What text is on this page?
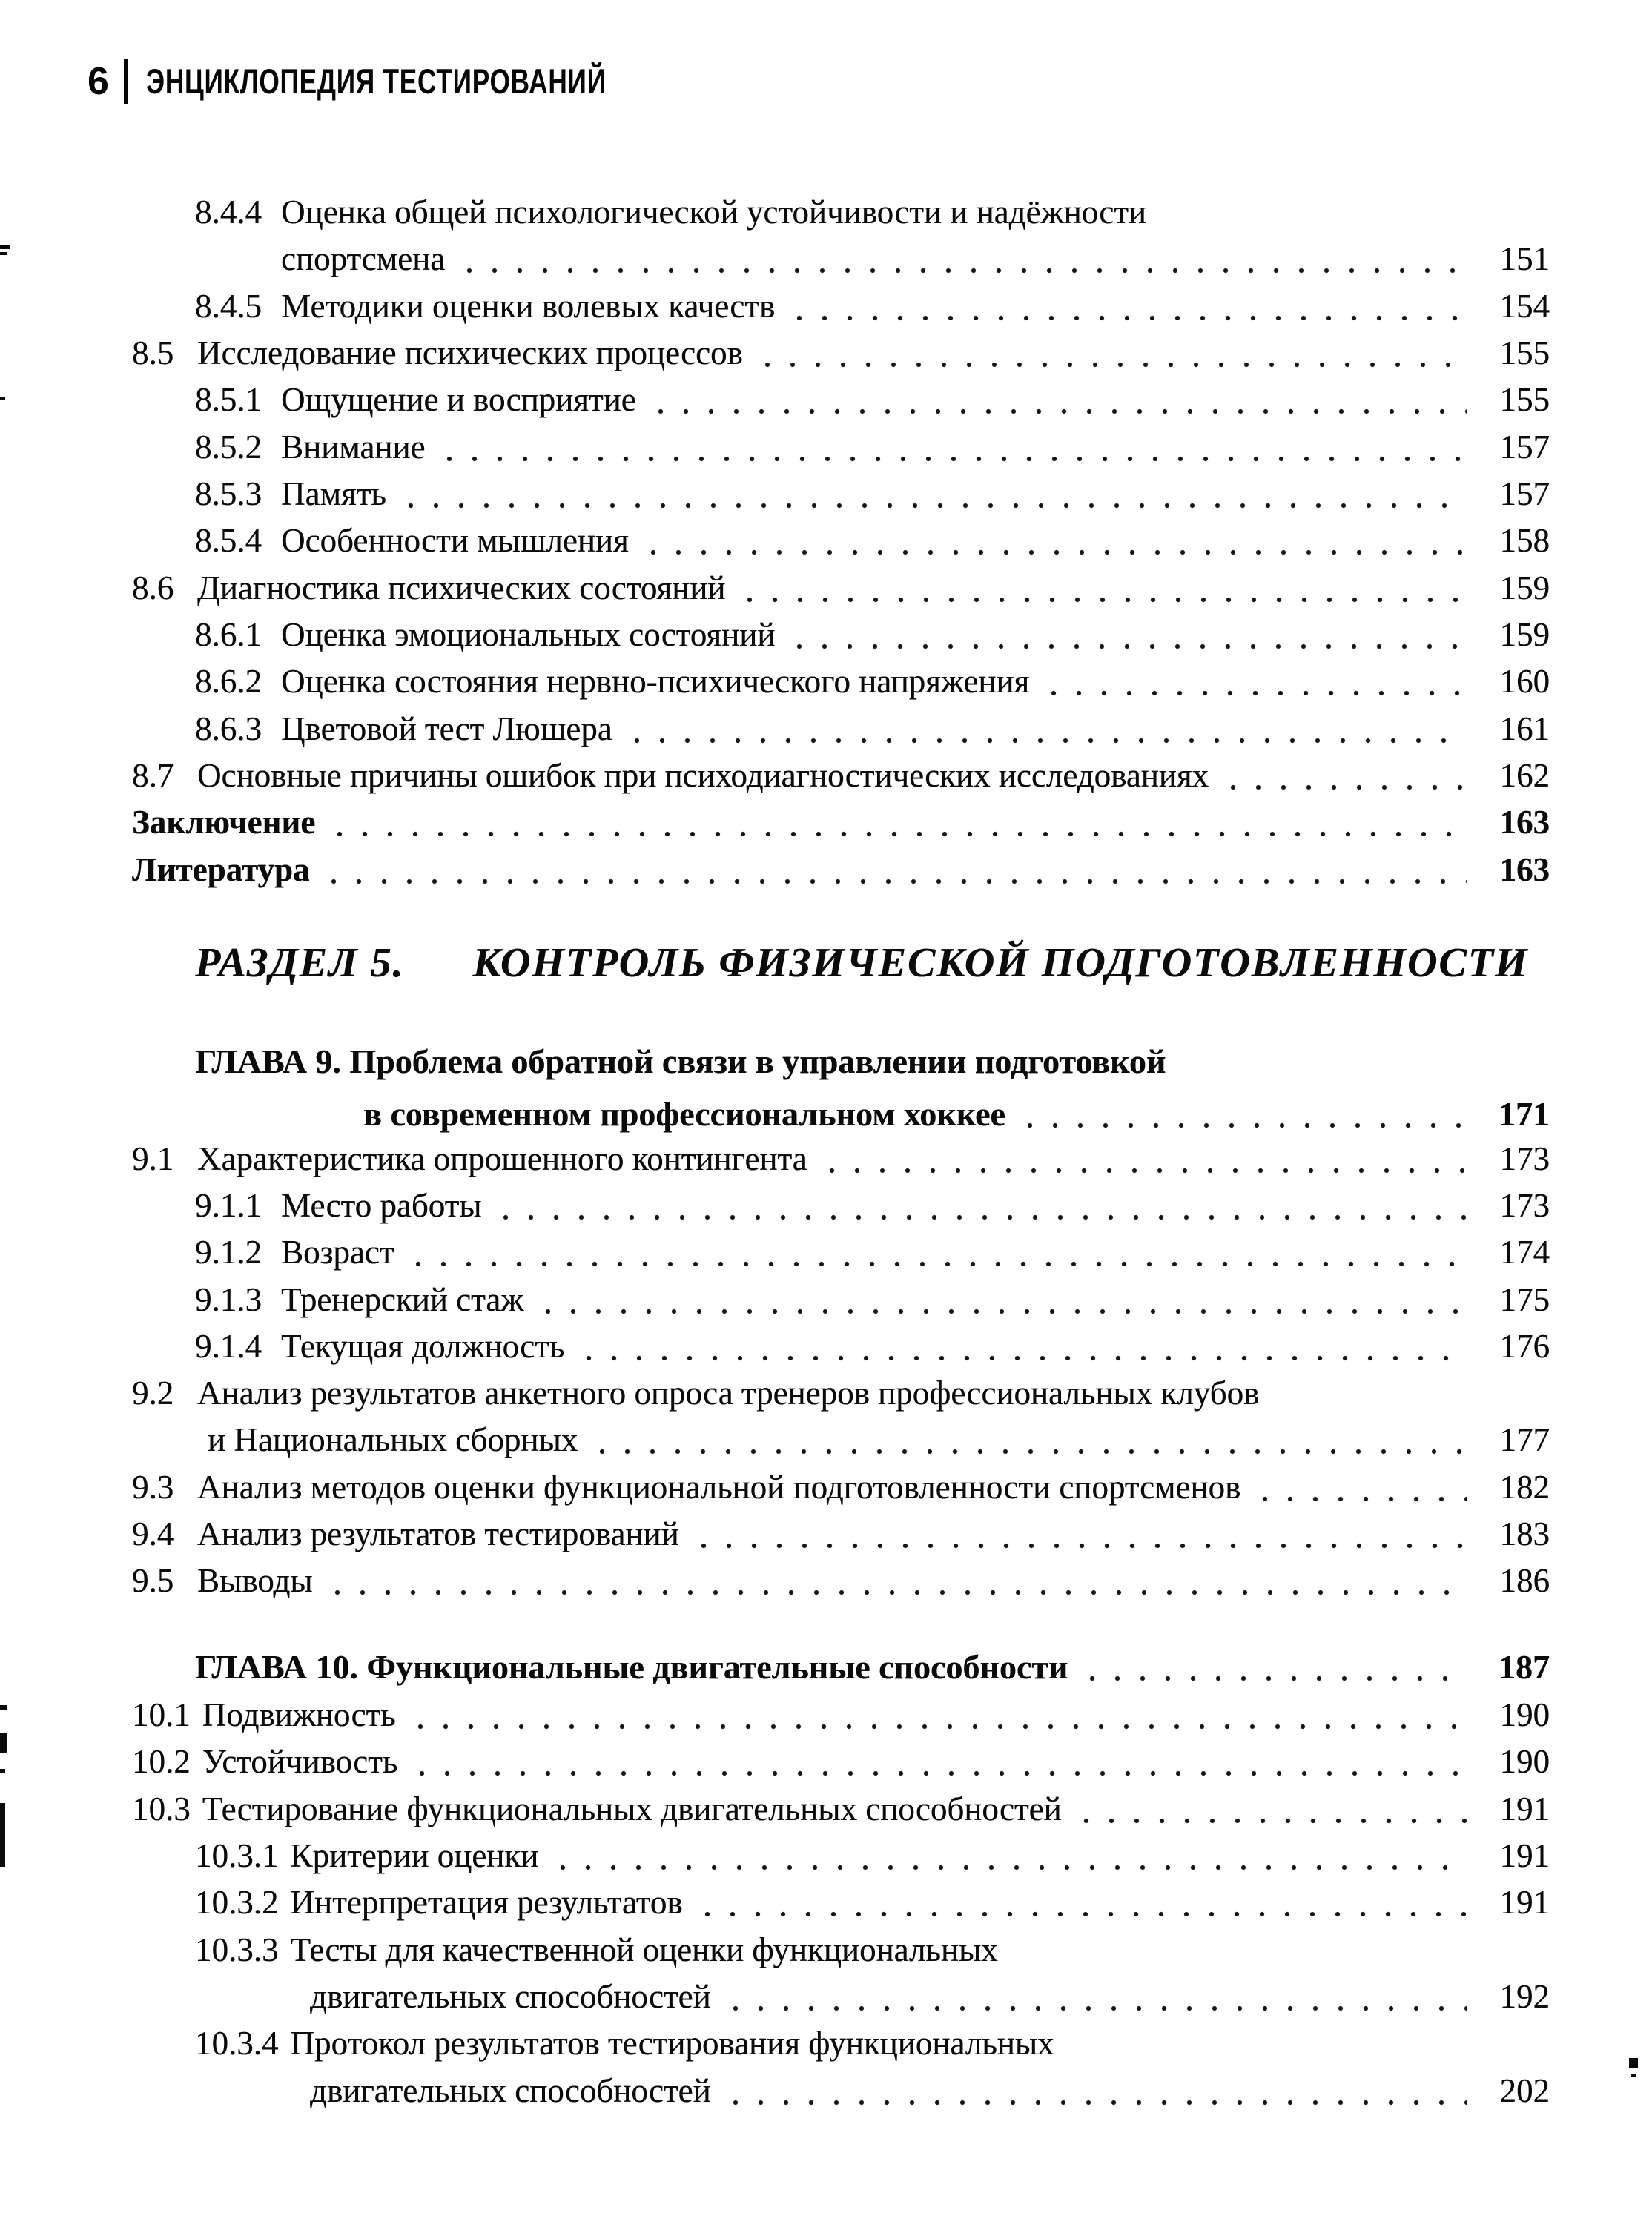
6 ЭНЦИКЛОПЕДИЯ ТЕСТИРОВАНИЙ
8.4.4 Оценка общей психологической устойчивости и надёжности
спортсмена	151
8.4.5 Методики оценки волевых качеств	154
8.5 Исследование психических процессов	155
8.5.1 Ощущение и восприятие	155
8.5.2 Внимание	157
8.5.3 Память	157
8.5.4 Особенности мышления	158
8.6 Диагностика психических состояний	159
8.6.1 Оценка эмоциональных состояний	159
8.6.2 Оценка состояния нервно-психического напряжения	160
8.6.3 Цветовой тест Люшера	161
8.7 Основные причины ошибок при психодиагностических исследованиях	162
Заключение	163
Литература	163
РАЗДЕЛ 5. КОНТРОЛЬ ФИЗИЧЕСКОЙ ПОДГОТОВЛЕННОСТИ
ГЛАВА 9. Проблема обратной связи в управлении подготовкой
в современном профессиональном хоккее	171
9.1 Характеристика опрошенного контингента	173
9.1.1 Место работы	173
9.1.2 Возраст	174
9.1.3 Тренерский стаж	175
9.1.4 Текущая должность	176
9.2 Анализ результатов анкетного опроса тренеров профессиональных клубов
и Национальных сборных	177
9.3 Анализ методов оценки функциональной подготовленности спортсменов	182
9.4 Анализ результатов тестирований	183
9.5 Выводы	186
ГЛАВА 10. Функциональные двигательные способности	187
10.1 Подвижность	190
10.2 Устойчивость	190
10.3 Тестирование функциональных двигательных способностей	191
10.3.1 Критерии оценки	191
10.3.2 Интерпретация результатов	191
10.3.3 Тесты для качественной оценки функциональных
двигательных способностей	192
10.3.4 Протокол результатов тестирования функциональных
двигательных способностей	202
